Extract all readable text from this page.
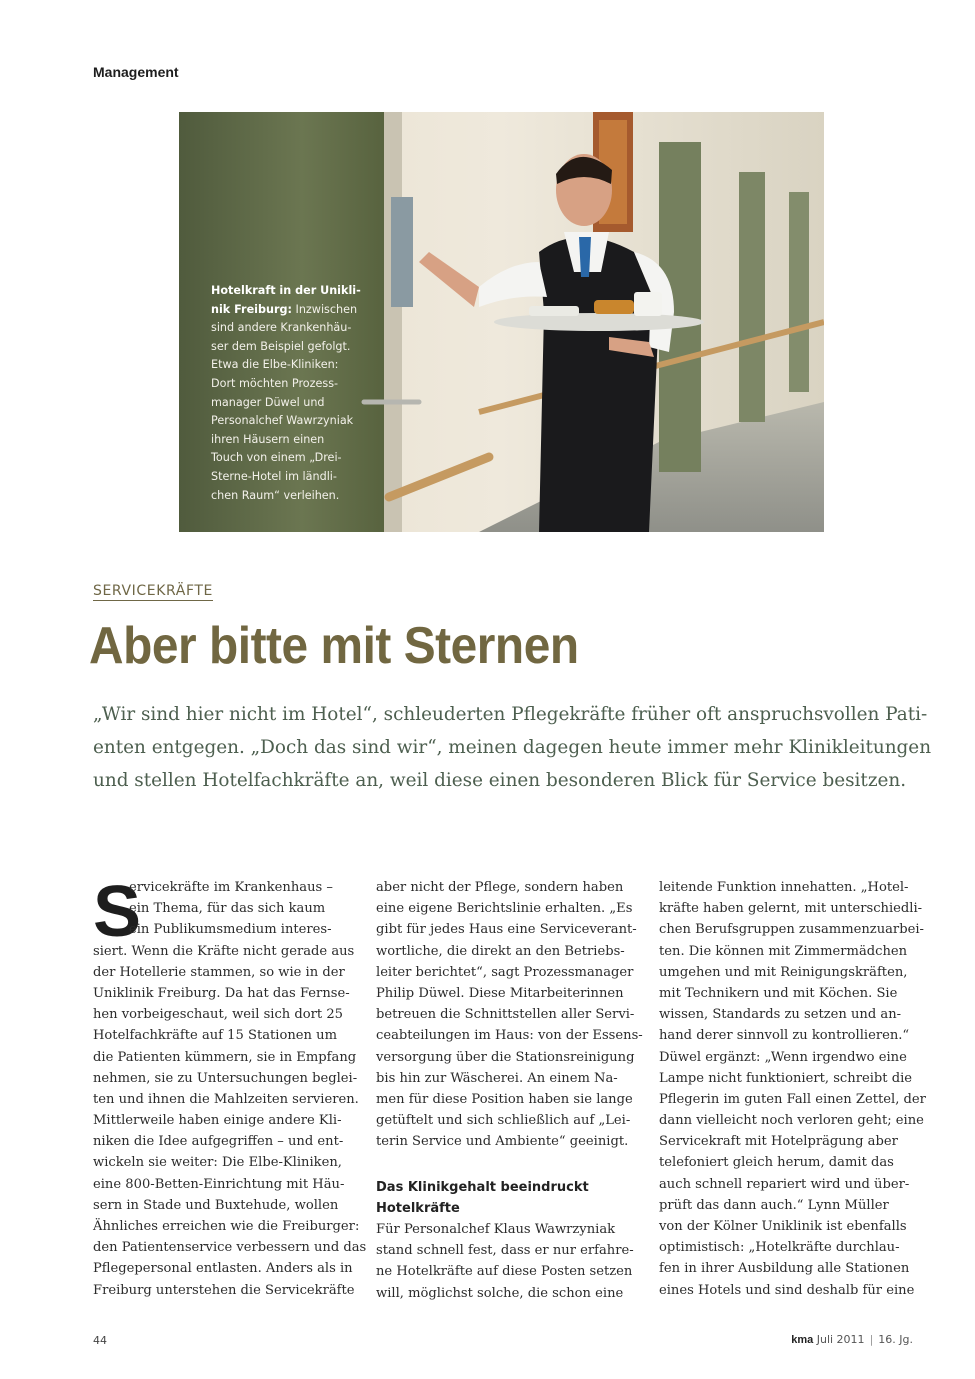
Management
Hotelkraft in der Unikli-
nik Freiburg: Inzwischen
sind andere Krankenhäu-
ser dem Beispiel gefolgt.
Etwa die Elbe-Kliniken:
Dort möchten Prozess-
manager Düwel und
Personalchef Wawrzyniak
ihren Häusern einen
Touch von einem „Drei-
Sterne-Hotel im ländli-
chen Raum“ verleihen.
SERVICEKRÄFTE
Aber bitte mit Sternen
„Wir sind hier nicht im Hotel“, schleuderten Pflegekräfte früher oft anspruchsvollen Pati-
enten entgegen. „Doch das sind wir“, meinen dagegen heute immer mehr Klinikleitungen
und stellen Hotelfachkräfte an, weil diese einen besonderen Blick für Service besitzen.
S
ervicekräfte im Krankenhaus –
ein Thema, für das sich kaum
ein Publikumsmedium interes-
siert. Wenn die Kräfte nicht gerade aus
der Hotellerie stammen, so wie in der
Uniklinik Freiburg. Da hat das Fernse-
hen vorbeigeschaut, weil sich dort 25
Hotelfachkräfte auf 15 Stationen um
die Patienten kümmern, sie in Empfang
nehmen, sie zu Untersuchungen beglei-
ten und ihnen die Mahlzeiten servieren.
Mittlerweile haben einige andere Kli-
niken die Idee aufgegriffen – und ent-
wickeln sie weiter: Die Elbe-Kliniken,
eine 800-Betten-Einrichtung mit Häu-
sern in Stade und Buxtehude, wollen
Ähnliches erreichen wie die Freiburger:
den Patientenservice verbessern und das
Pflegepersonal entlasten. Anders als in
Freiburg unterstehen die Servicekräfte
aber nicht der Pflege, sondern haben
eine eigene Berichtslinie erhalten. „Es
gibt für jedes Haus eine Serviceverant-
wortliche, die direkt an den Betriebs-
leiter berichtet“, sagt Prozessmanager
Philip Düwel. Diese Mitarbeiterinnen
betreuen die Schnittstellen aller Servi-
ceabteilungen im Haus: von der Essens-
versorgung über die Stationsreinigung
bis hin zur Wäscherei. An einem Na-
men für diese Position haben sie lange
getüftelt und sich schließlich auf „Lei-
terin Service und Ambiente“ geeinigt.
Das Klinikgehalt beeindruckt
Hotelkräfte
Für Personalchef Klaus Wawrzyniak
stand schnell fest, dass er nur erfahre-
ne Hotelkräfte auf diese Posten setzen
will, möglichst solche, die schon eine
leitende Funktion innehatten. „Hotel-
kräfte haben gelernt, mit unterschiedli-
chen Berufsgruppen zusammenzuarbei-
ten. Die können mit Zimmermädchen
umgehen und mit Reinigungskräften,
mit Technikern und mit Köchen. Sie
wissen, Standards zu setzen und an-
hand derer sinnvoll zu kontrollieren.“
Düwel ergänzt: „Wenn irgendwo eine
Lampe nicht funktioniert, schreibt die
Pflegerin im guten Fall einen Zettel, der
dann vielleicht noch verloren geht; eine
Servicekraft mit Hotelprägung aber
telefoniert gleich herum, damit das
auch schnell repariert wird und über-
prüft das dann auch.“ Lynn Müller
von der Kölner Uniklinik ist ebenfalls
optimistisch: „Hotelkräfte durchlau-
fen in ihrer Ausbildung alle Stationen
eines Hotels und sind deshalb für eine
44	kma Juli 2011 | 16. Jg.
